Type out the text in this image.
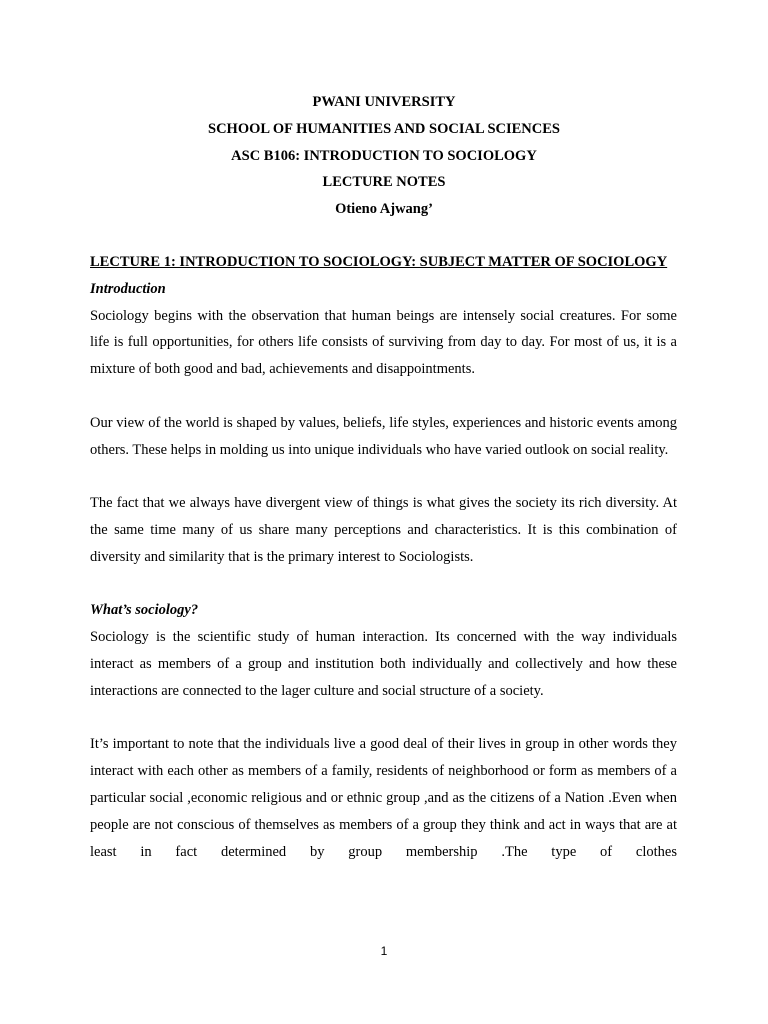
PWANI UNIVERSITY
SCHOOL OF HUMANITIES AND SOCIAL SCIENCES
ASC B106: INTRODUCTION TO SOCIOLOGY
LECTURE NOTES
Otieno Ajwang’

LECTURE 1: INTRODUCTION TO SOCIOLOGY: SUBJECT MATTER OF SOCIOLOGY

Introduction

Sociology begins with the observation that human beings are intensely social creatures. For some life is full opportunities, for others life consists of surviving from day to day. For most of us, it is a mixture of both good and bad, achievements and disappointments.

Our view of the world is shaped by values, beliefs, life styles, experiences and historic events among others. These helps in molding us into unique individuals who have varied outlook on social reality.

The fact that we always have divergent view of things is what gives the society its rich diversity. At the same time many of us share many perceptions and characteristics. It is this combination of diversity and similarity that is the primary interest to Sociologists.

What’s sociology?

Sociology is the scientific study of human interaction. Its concerned with the way individuals interact as members of a group and institution both individually and collectively and how these interactions are connected to the lager culture and social structure of a society.

It’s important to note that the individuals live a good deal of their lives in group in other words they interact with each other as members of a family, residents of neighborhood or form as members of a particular social ,economic religious and or ethnic group ,and as the citizens of a Nation .Even when people are not conscious of themselves as members of a group they think and act in ways that are at least in fact determined by group membership .The type of clothes

1
